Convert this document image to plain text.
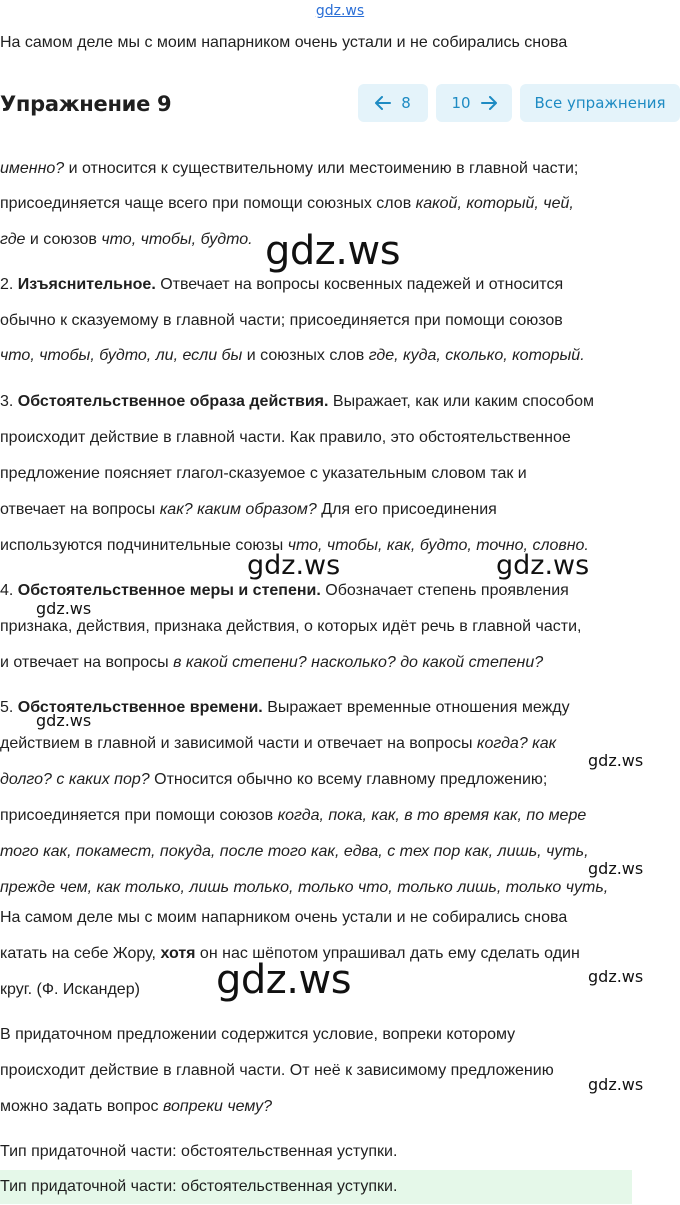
gdz.ws
На самом деле мы с моим напарником очень устали и не собирались снова
Упражнение 9	8	10	Все упражнения
именно? и относится к существительному или местоимению в главной части;
присоединяется чаще всего при помощи союзных слов какой, который, чей,
где и союзов что, чтобы, будто.
2. Изъяснительное. Отвечает на вопросы косвенных падежей и относится
обычно к сказуемому в главной части; присоединяется при помощи союзов
что, чтобы, будто, ли, если бы и союзных слов где, куда, сколько, который.
3. Обстоятельственное образа действия. Выражает, как или каким способом
происходит действие в главной части. Как правило, это обстоятельственное
предложение поясняет глагол-сказуемое с указательным словом так и
отвечает на вопросы как? каким образом? Для его присоединения
используются подчинительные союзы что, чтобы, как, будто, точно, словно.
4. Обстоятельственное меры и степени. Обозначает степень проявления
признака, действия, признака действия, о которых идёт речь в главной части,
и отвечает на вопросы в какой степени? насколько? до какой степени?
5. Обстоятельственное времени. Выражает временные отношения между
действием в главной и зависимой части и отвечает на вопросы когда? как
долго? с каких пор? Относится обычно ко всему главному предложению;
присоединяется при помощи союзов когда, пока, как, в то время как, по мере
того как, покамест, покуда, после того как, едва, с тех пор как, лишь, чуть,
прежде чем, как только, лишь только, только что, только лишь, только чуть,
На самом деле мы с моим напарником очень устали и не собирались снова
катать на себе Жору, хотя он нас шёпотом упрашивал дать ему сделать один
круг. (Ф. Искандер)
В придаточном предложении содержится условие, вопреки которому
происходит действие в главной части. От неё к зависимому предложению
можно задать вопрос вопреки чему?
Тип придаточной части: обстоятельственная уступки.
Тип придаточной части: обстоятельственная уступки.
gdz.ws
gdz.ws	gdz.ws
gdz.ws
gdz.ws
gdz.ws
gdz.ws
gdz.ws	gdz.ws
gdz.ws
